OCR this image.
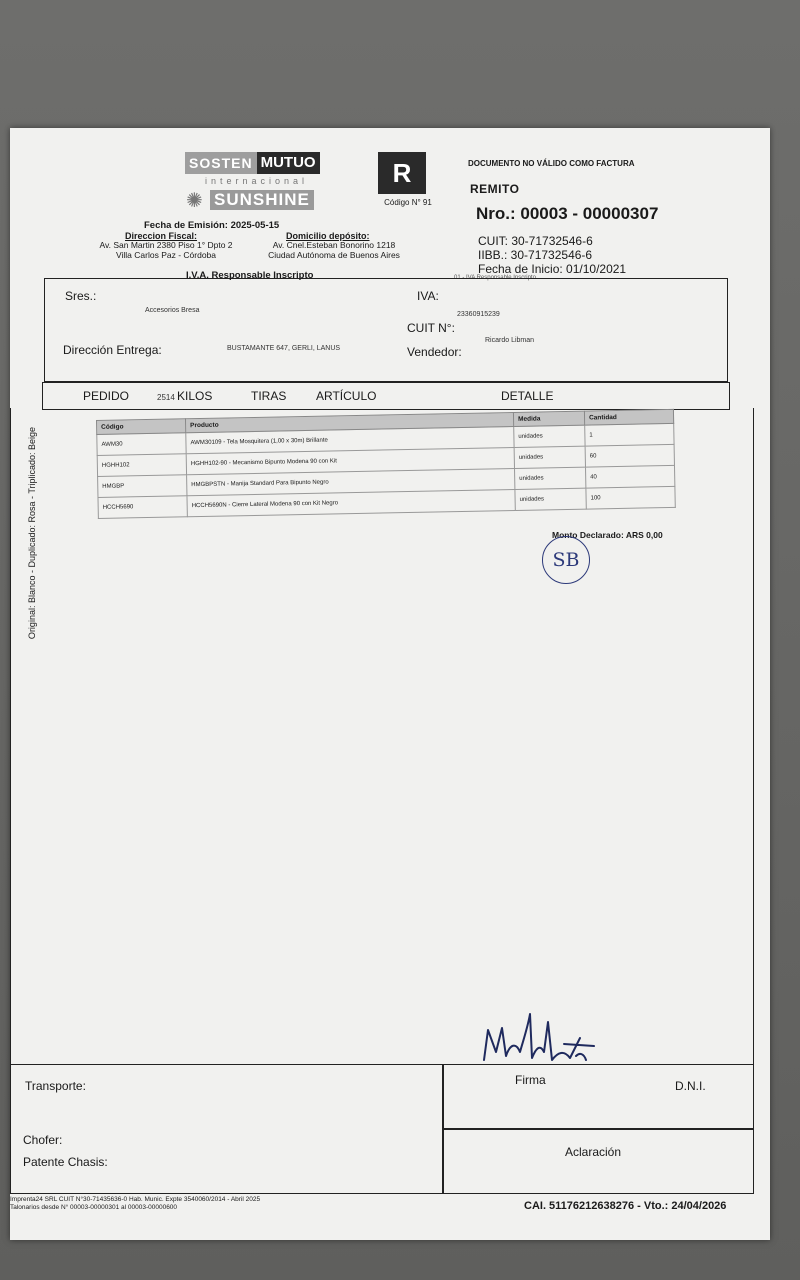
SOSTEN MUTUO
internacional
✺ SUNSHINE
R
Código N° 91
DOCUMENTO NO VÁLIDO COMO FACTURA
REMITO
Nro.: 00003 - 00000307
CUIT: 30-71732546-6
IIBB.: 30-71732546-6
Fecha de Inicio: 01/10/2021
Fecha de Emisión: 2025-05-15
Direccion Fiscal:
Av. San Martin 2380 Piso 1° Dpto 2
Villa Carlos Paz - Córdoba
Domicilio depósito:
Av. Cnel.Esteban Bonorino 1218
Ciudad Autónoma de Buenos Aires
I.V.A. Responsable Inscripto	01 - IVA Responsable Inscripto
Sres.:
Accesorios Bresa
IVA:
23360915239
CUIT N°:
Dirección Entrega:	BUSTAMANTE 647, GERLI, LANUS	Vendedor:
Ricardo Libman
PEDIDO	2514 KILOS	TIRAS ARTÍCULO	DETALLE
Código	Producto	Medida	Cantidad
AWM30	AWM30109 - Tela Mosquitera (1,00 x 30m) Brillante	unidades	1
HGHH102	HGHH102-90 - Mecanismo Bipunto Modena 90 con Kit	unidades	60
HMGBP	HMGBPSTN - Manija Standard Para Bipunto Negro	unidades	40
HCCH5690	HCCH5690N - Cierre Lateral Modena 90 con Kit Negro	unidades	100
Monto Declarado: ARS 0,00
SB
Original: Blanco - Duplicado: Rosa - Triplicado: Beige
Transporte:
Chofer:
Patente Chasis:
Firma	D.N.I.
Aclaración
Imprenta24 SRL CUIT N°30-71435636-0 Hab. Munic. Expte 3540060/2014 - Abril 2025
Talonarios desde N° 00003-00000301 al 00003-00000600	CAI. 51176212638276 - Vto.: 24/04/2026
